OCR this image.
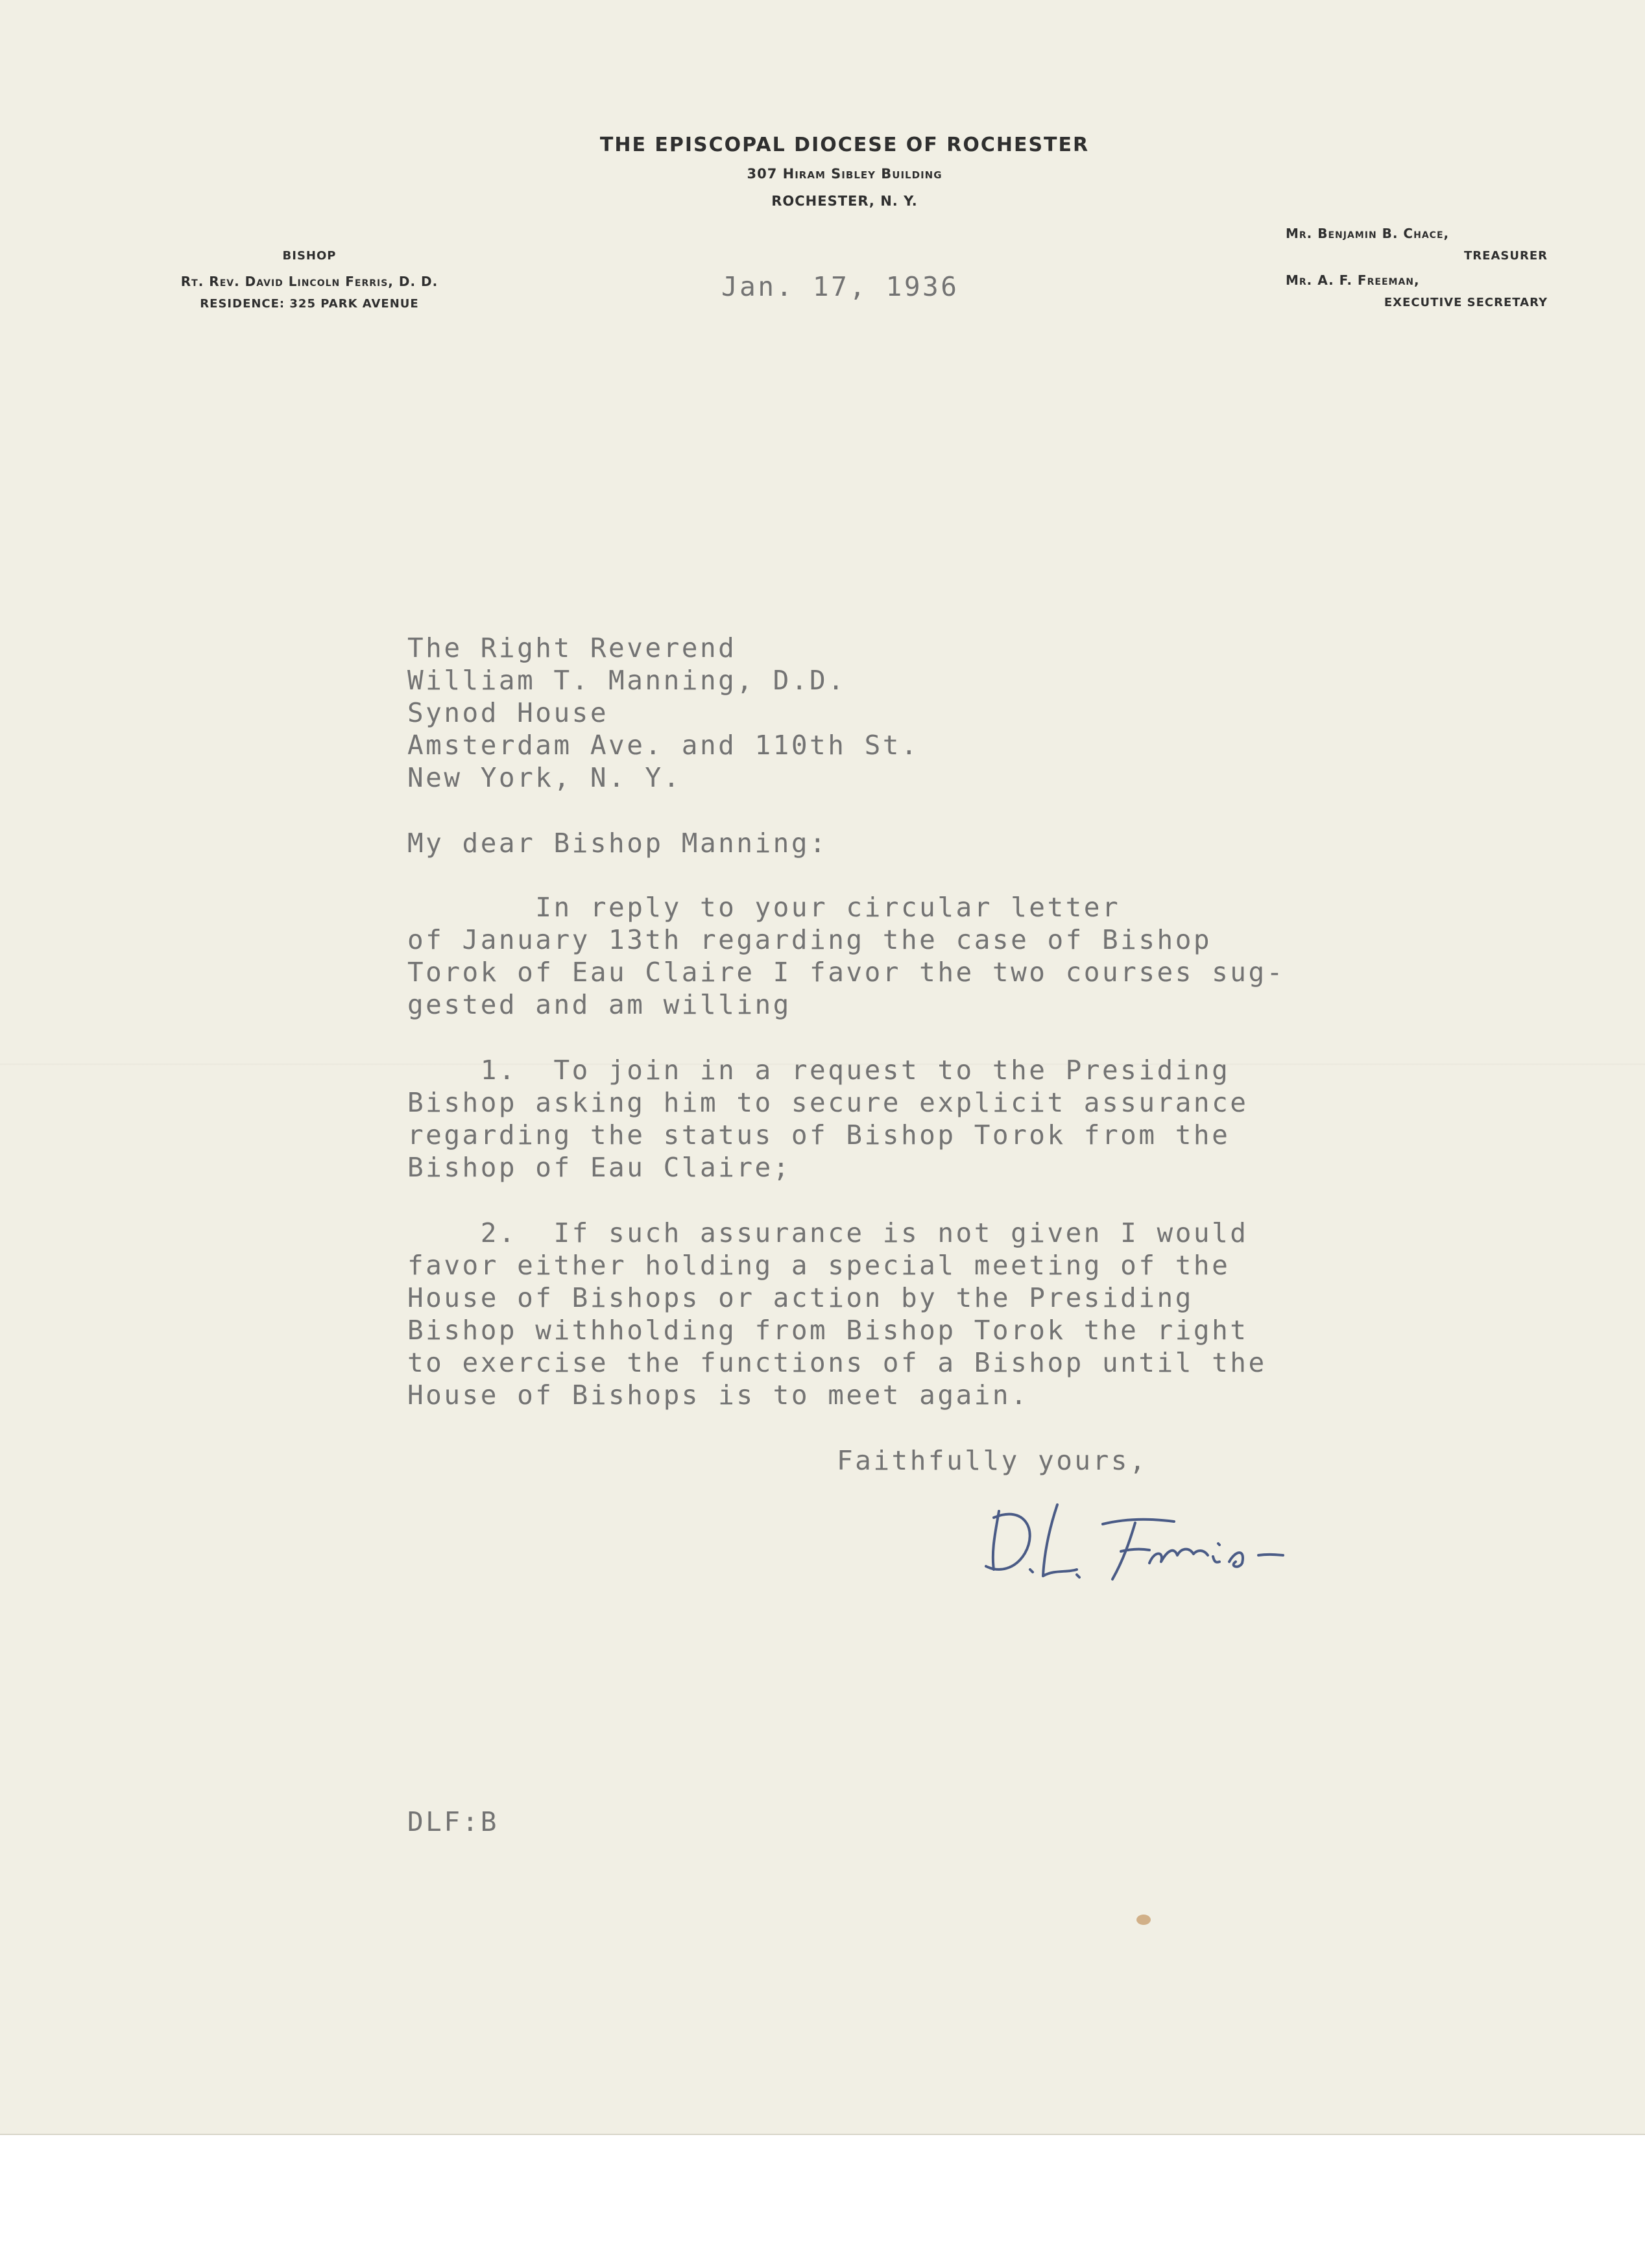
THE EPISCOPAL DIOCESE OF ROCHESTER
307 Hiram Sibley Building
ROCHESTER, N. Y.
BISHOP
Rt. Rev. David Lincoln Ferris, D. D.
RESIDENCE: 325 PARK AVENUE
Mr. Benjamin B. Chace,
TREASURER
Mr. A. F. Freeman,
EXECUTIVE SECRETARY
Jan. 17, 1936
The Right Reverend
William T. Manning, D.D.
Synod House
Amsterdam Ave. and 110th St.
New York, N. Y.
My dear Bishop Manning:
In reply to your circular letter
of January 13th regarding the case of Bishop
Torok of Eau Claire I favor the two courses sug-
gested and am willing
1.  To join in a request to the Presiding
Bishop asking him to secure explicit assurance
regarding the status of Bishop Torok from the
Bishop of Eau Claire;
2.  If such assurance is not given I would
favor either holding a special meeting of the
House of Bishops or action by the Presiding
Bishop withholding from Bishop Torok the right
to exercise the functions of a Bishop until the
House of Bishops is to meet again.
Faithfully yours,
DLF:B
